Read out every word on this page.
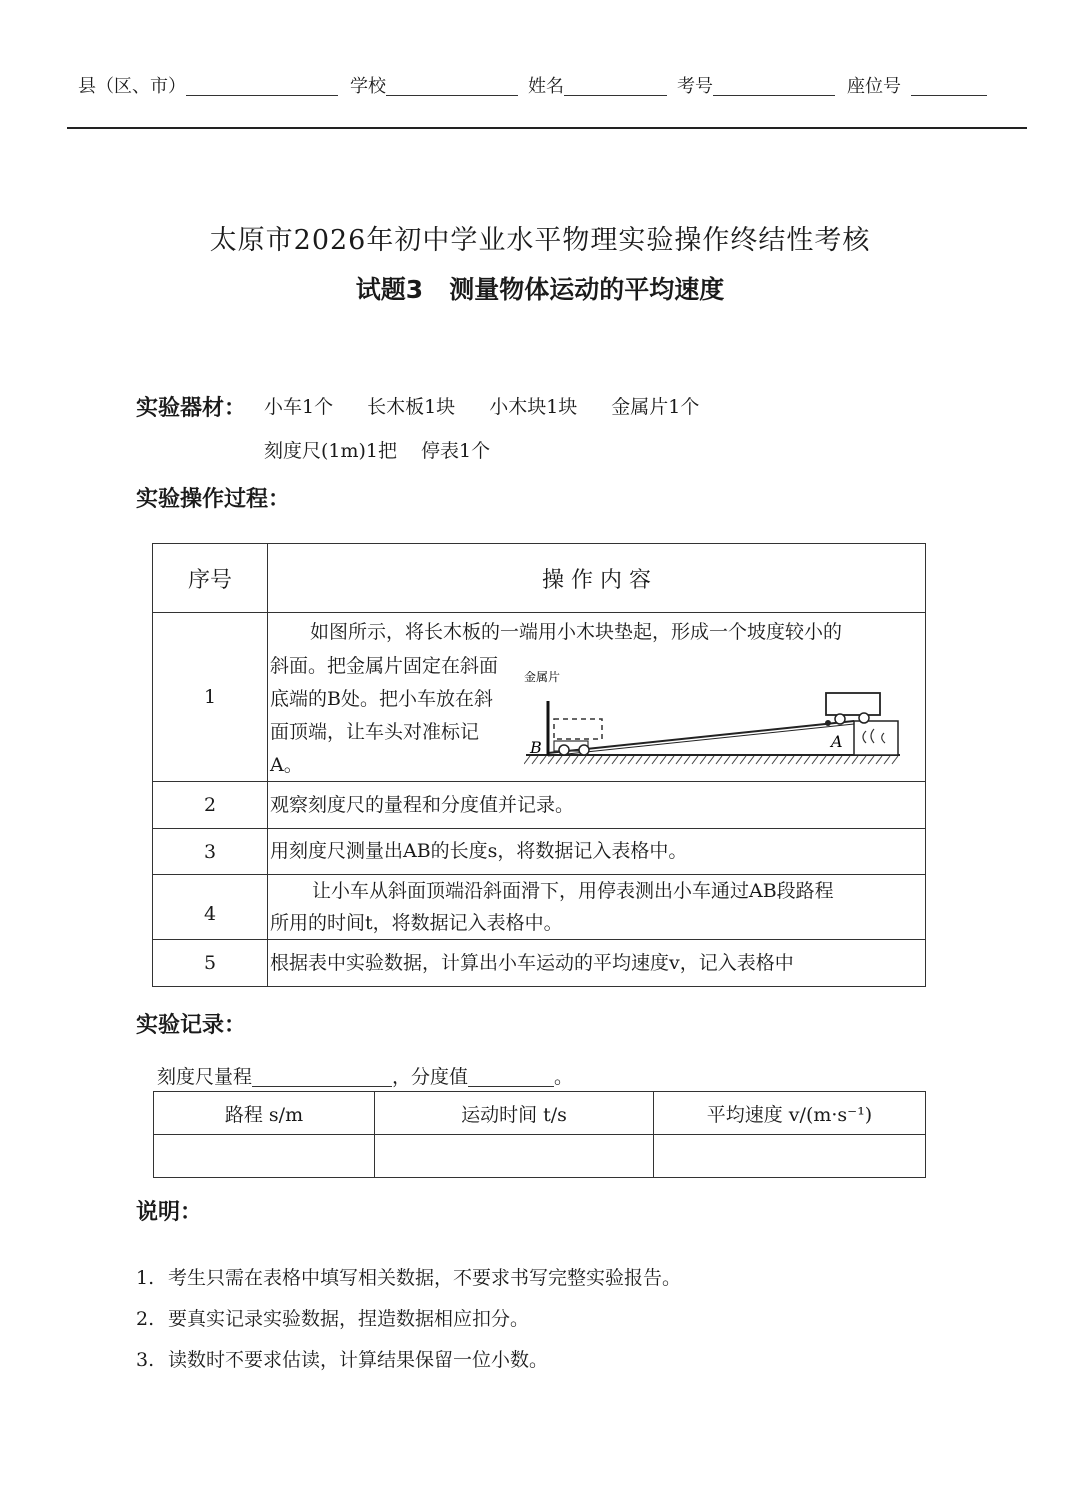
县（区、市）	学校	姓名	考号	座位号
太原市2026年初中学业水平物理实验操作终结性考核
试题3 测量物体运动的平均速度
实验器材： 小车1个 长木板1块 小木块1块 金属片1个
刻度尺(1m)1把 停表1个
实验操作过程：
序号	操 作 内 容
1	如图所示，将长木板的一端用小木块垫起，形成一个坡度较小的
斜面。把金属片固定在斜面底端的B处。把小车放在斜面顶端，让车头对准标记A。
金属片
B A

2	观察刻度尺的量程和分度值并记录。
3	用刻度尺测量出AB的长度s，将数据记入表格中。
4	让小车从斜面顶端沿斜面滑下，用停表测出小车通过AB段路程
所用的时间t，将数据记入表格中。

5	根据表中实验数据，计算出小车运动的平均速度v，记入表格中
实验记录：
刻度尺量程	，分度值	。
路程 s/m	运动时间 t/s	平均速度 v/(m·s⁻¹)

说明：
1. 考生只需在表格中填写相关数据，不要求书写完整实验报告。
2. 要真实记录实验数据，捏造数据相应扣分。
3. 读数时不要求估读，计算结果保留一位小数。
